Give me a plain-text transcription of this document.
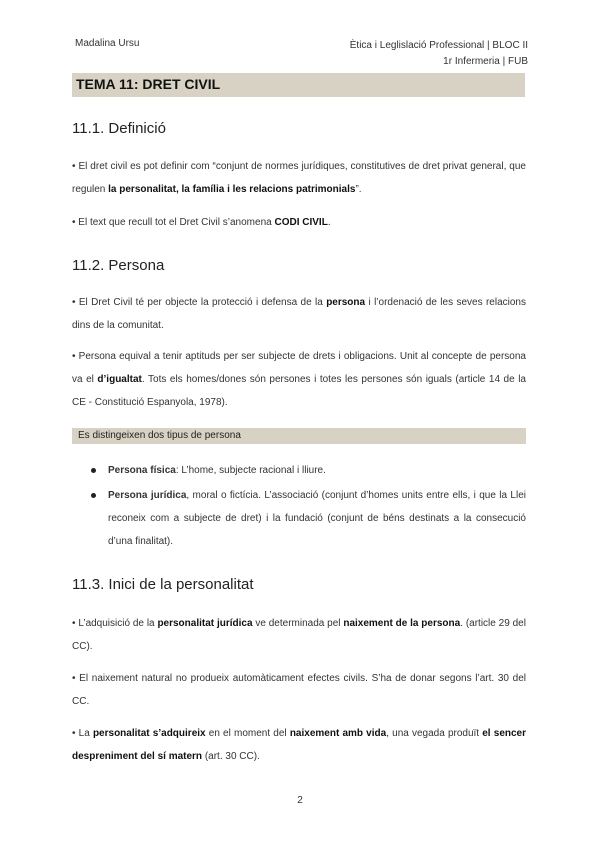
Madalina Ursu	Ètica i Leglislació Professional | BLOC II
1r Infermeria | FUB
TEMA 11: DRET CIVIL
11.1. Definició
• El dret civil es pot definir com “conjunt de normes jurídiques, constitutives de dret privat general, que regulen la personalitat, la família i les relacions patrimonials”.
• El text que recull tot el Dret Civil s’anomena CODI CIVIL.
11.2. Persona
• El Dret Civil té per objecte la protecció i defensa de la persona i l’ordenació de les seves relacions dins de la comunitat.
• Persona equival a tenir aptituds per ser subjecte de drets i obligacions. Unit al concepte de persona va el d’igualtat. Tots els homes/dones són persones i totes les persones són iguals (article 14 de la CE - Constitució Espanyola, 1978).
Es distingeixen dos tipus de persona
Persona física: L’home, subjecte racional i lliure.
Persona jurídica, moral o fictícia. L’associació (conjunt d’homes units entre ells, i que la Llei reconeix com a subjecte de dret) i la fundació (conjunt de béns destinats a la consecució d’una finalitat).
11.3. Inici de la personalitat
• L’adquisició de la personalitat jurídica ve determinada pel naixement de la persona. (article 29 del CC).
• El naixement natural no produeix automàticament efectes civils. S’ha de donar segons l’art. 30 del CC.
• La personalitat s’adquireix en el moment del naixement amb vida, una vegada produït el sencer despreniment del sí matern (art. 30 CC).
2
